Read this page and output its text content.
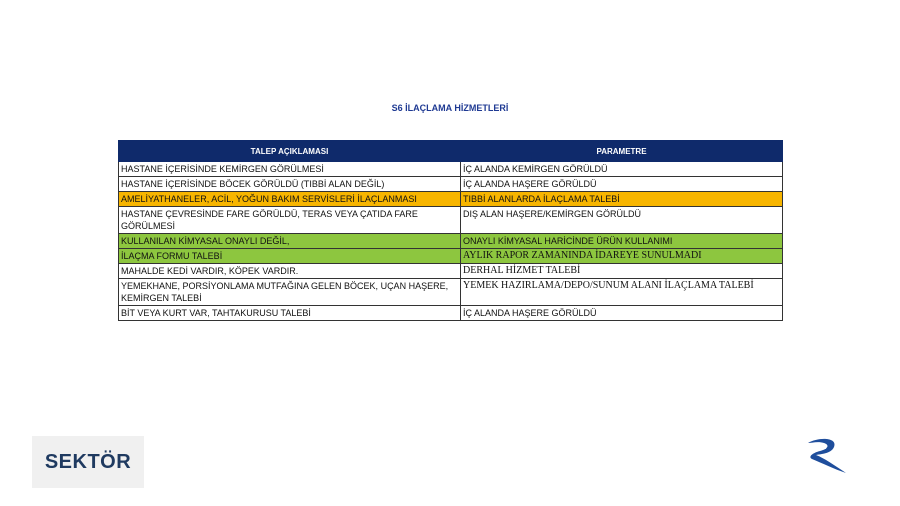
S6 İLAÇLAMA HİZMETLERİ
TALEP AÇIKLAMASI	PARAMETRE
HASTANE İÇERİSİNDE KEMİRGEN GÖRÜLMESİ	İÇ ALANDA KEMİRGEN GÖRÜLDÜ
HASTANE İÇERİSİNDE BÖCEK GÖRÜLDÜ (TIBBİ ALAN DEĞİL)	İÇ ALANDA HAŞERE GÖRÜLDÜ
AMELİYATHANELER, ACİL, YOĞUN BAKIM SERVİSLERİ İLAÇLANMASI	TIBBİ ALANLARDA İLAÇLAMA TALEBİ
HASTANE ÇEVRESİNDE FARE GÖRÜLDÜ, TERAS VEYA ÇATIDA FARE GÖRÜLMESİ	DIŞ ALAN HAŞERE/KEMİRGEN GÖRÜLDÜ
KULLANILAN KİMYASAL ONAYLI DEĞİL,	ONAYLI KİMYASAL HARİCİNDE ÜRÜN KULLANIMI
İLAÇMA FORMU TALEBİ	AYLIK RAPOR ZAMANINDA İDAREYE SUNULMADI
MAHALDE KEDİ VARDIR, KÖPEK VARDIR.	DERHAL HİZMET TALEBİ
YEMEKHANE, PORSİYONLAMA MUTFAĞINA GELEN BÖCEK, UÇAN HAŞERE, KEMİRGEN TALEBİ	YEMEK HAZIRLAMA/DEPO/SUNUM ALANI İLAÇLAMA TALEBİ
BİT VEYA KURT VAR, TAHTAKURUSU TALEBİ	İÇ ALANDA HAŞERE GÖRÜLDÜ
SEKTÖR
